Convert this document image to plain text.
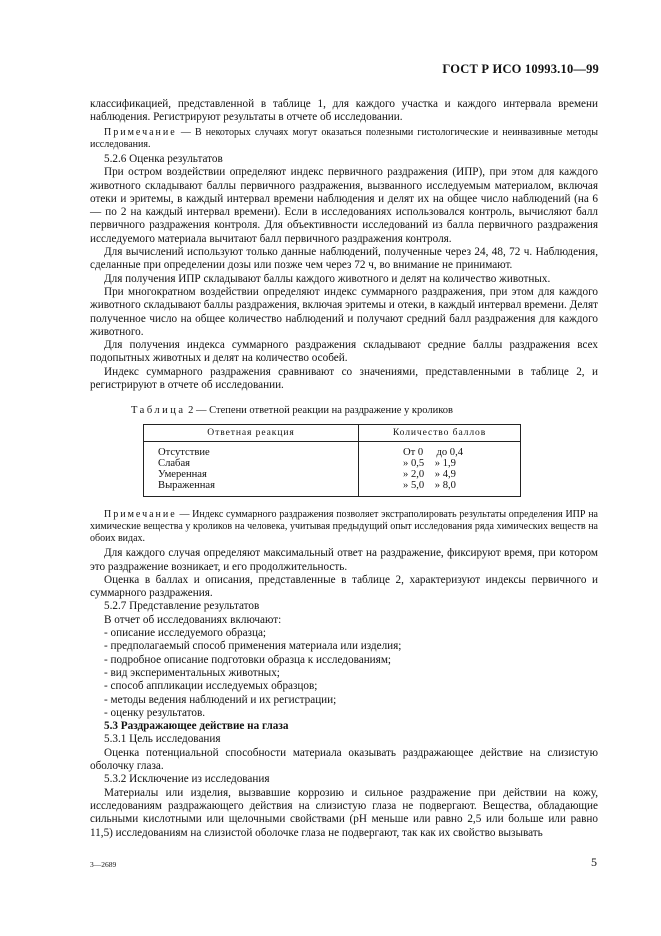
ГОСТ Р ИСО 10993.10—99

классификацией, представленной в таблице 1, для каждого участка и каждого интервала времени наблюдения. Регистрируют результаты в отчете об исследовании.

Примечание — В некоторых случаях могут оказаться полезными гистологические и неинвазивные методы исследования.

5.2.6 Оценка результатов

При остром воздействии определяют индекс первичного раздражения (ИПР), при этом для каждого животного складывают баллы первичного раздражения, вызванного исследуемым материалом, включая отеки и эритемы, в каждый интервал времени наблюдения и делят их на общее число наблюдений (на 6 — по 2 на каждый интервал времени). Если в исследованиях использовался контроль, вычисляют балл первичного раздражения контроля. Для объективности исследований из балла первичного раздражения исследуемого материала вычитают балл первичного раздражения контроля.

Для вычислений используют только данные наблюдений, полученные через 24, 48, 72 ч. Наблюдения, сделанные при определении дозы или позже чем через 72 ч, во внимание не принимают.

Для получения ИПР складывают баллы каждого животного и делят на количество животных.

При многократном воздействии определяют индекс суммарного раздражения, при этом для каждого животного складывают баллы раздражения, включая эритемы и отеки, в каждый интервал времени. Делят полученное число на общее количество наблюдений и получают средний балл раздражения для каждого животного.

Для получения индекса суммарного раздражения складывают средние баллы раздражения всех подопытных животных и делят на количество особей.

Индекс суммарного раздражения сравнивают со значениями, представленными в таблице 2, и регистрируют в отчете об исследовании.

Таблица 2 — Степени ответной реакции на раздражение у кроликов

Ответная реакция	Количество баллов
Отсутствие	От 0     до 0,4
Слабая	» 0,5    » 1,9
Умеренная	» 2,0    » 4,9
Выраженная	» 5,0    » 8,0

Примечание — Индекс суммарного раздражения позволяет экстраполировать результаты определения ИПР на химические вещества у кроликов на человека, учитывая предыдущий опыт исследования ряда химических веществ на обоих видах.

Для каждого случая определяют максимальный ответ на раздражение, фиксируют время, при котором это раздражение возникает, и его продолжительность.

Оценка в баллах и описания, представленные в таблице 2, характеризуют индексы первичного и суммарного раздражения.

5.2.7 Представление результатов

В отчет об исследованиях включают:

- описание исследуемого образца;

- предполагаемый способ применения материала или изделия;

- подробное описание подготовки образца к исследованиям;

- вид экспериментальных животных;

- способ аппликации исследуемых образцов;

- методы ведения наблюдений и их регистрации;

- оценку результатов.

5.3 Раздражающее действие на глаза

5.3.1 Цель исследования

Оценка потенциальной способности материала оказывать раздражающее действие на слизистую оболочку глаза.

5.3.2 Исключение из исследования

Материалы или изделия, вызвавшие коррозию и сильное раздражение при действии на кожу, исследованиям раздражающего действия на слизистую глаза не подвергают. Вещества, обладающие сильными кислотными или щелочными свойствами (pH меньше или равно 2,5 или больше или равно 11,5) исследованиям на слизистой оболочке глаза не подвергают, так как их свойство вызывать

3—2689	5
